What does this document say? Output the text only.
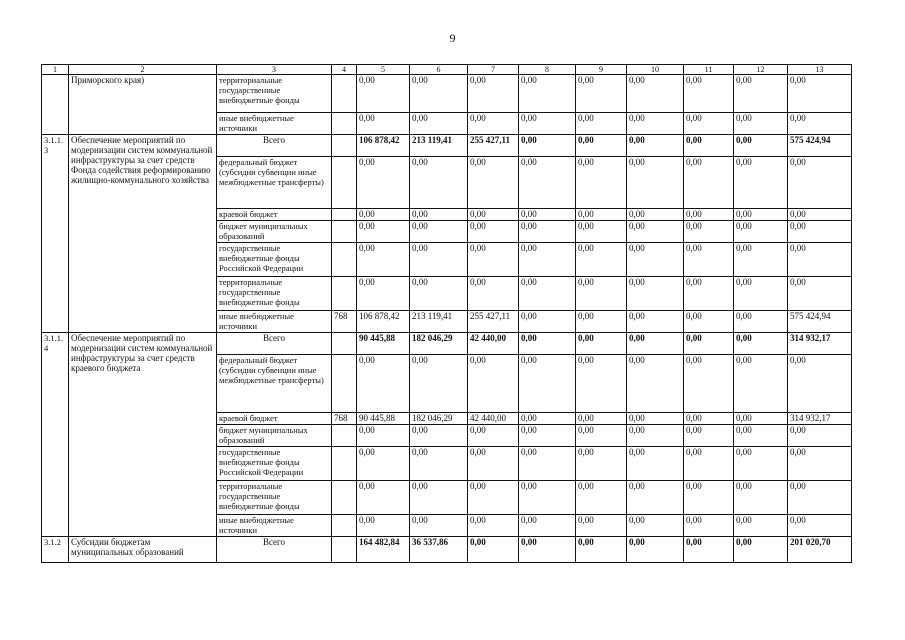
9
1	2	3	4	5	6	7	8	9	10	11	12	13
	Приморского края)	территориальные государственные внебюджетные фонды		0,00	0,00	0,00	0,00	0,00	0,00	0,00	0,00	0,00
		иные внебюджетные источники		0,00	0,00	0,00	0,00	0,00	0,00	0,00	0,00	0,00
3.1.1.3	Обеспечение мероприятий по модернизации систем коммунальной инфраструктуры за счет средств Фонда содействия реформированию жилищно-коммунального хозяйства	Всего		106 878,42	213 119,41	255 427,11	0,00	0,00	0,00	0,00	0,00	575 424,94
		федеральный бюджет (субсидии субвенции иные межбюджетные трансферты)		0,00	0,00	0,00	0,00	0,00	0,00	0,00	0,00	0,00
		краевой бюджет		0,00	0,00	0,00	0,00	0,00	0,00	0,00	0,00	0,00
		бюджет муниципальных образований		0,00	0,00	0,00	0,00	0,00	0,00	0,00	0,00	0,00
		государственные внебюджетные фонды Российской Федерации		0,00	0,00	0,00	0,00	0,00	0,00	0,00	0,00	0,00
		территориальные государственные внебюджетные фонды		0,00	0,00	0,00	0,00	0,00	0,00	0,00	0,00	0,00
		иные внебюджетные источники	768	106 878,42	213 119,41	255 427,11	0,00	0,00	0,00	0,00	0,00	575 424,94
3.1.1.4	Обеспечение мероприятий по модернизации систем коммунальной инфраструктуры за счет средств краевого бюджета	Всего		90 445,88	182 046,29	42 440,00	0,00	0,00	0,00	0,00	0,00	314 932,17
		федеральный бюджет (субсидии субвенции иные межбюджетные трансферты)		0,00	0,00	0,00	0,00	0,00	0,00	0,00	0,00	0,00
		краевой бюджет	768	90 445,88	182 046,29	42 440,00	0,00	0,00	0,00	0,00	0,00	314 932,17
		бюджет муниципальных образований		0,00	0,00	0,00	0,00	0,00	0,00	0,00	0,00	0,00
		государственные внебюджетные фонды Российской Федерации		0,00	0,00	0,00	0,00	0,00	0,00	0,00	0,00	0,00
		территориальные государственные внебюджетные фонды		0,00	0,00	0,00	0,00	0,00	0,00	0,00	0,00	0,00
		иные внебюджетные источники		0,00	0,00	0,00	0,00	0,00	0,00	0,00	0,00	0,00
3.1.2	Субсидии бюджетам муниципальных образований	Всего		164 482,84	36 537,86	0,00	0,00	0,00	0,00	0,00	0,00	201 020,70
